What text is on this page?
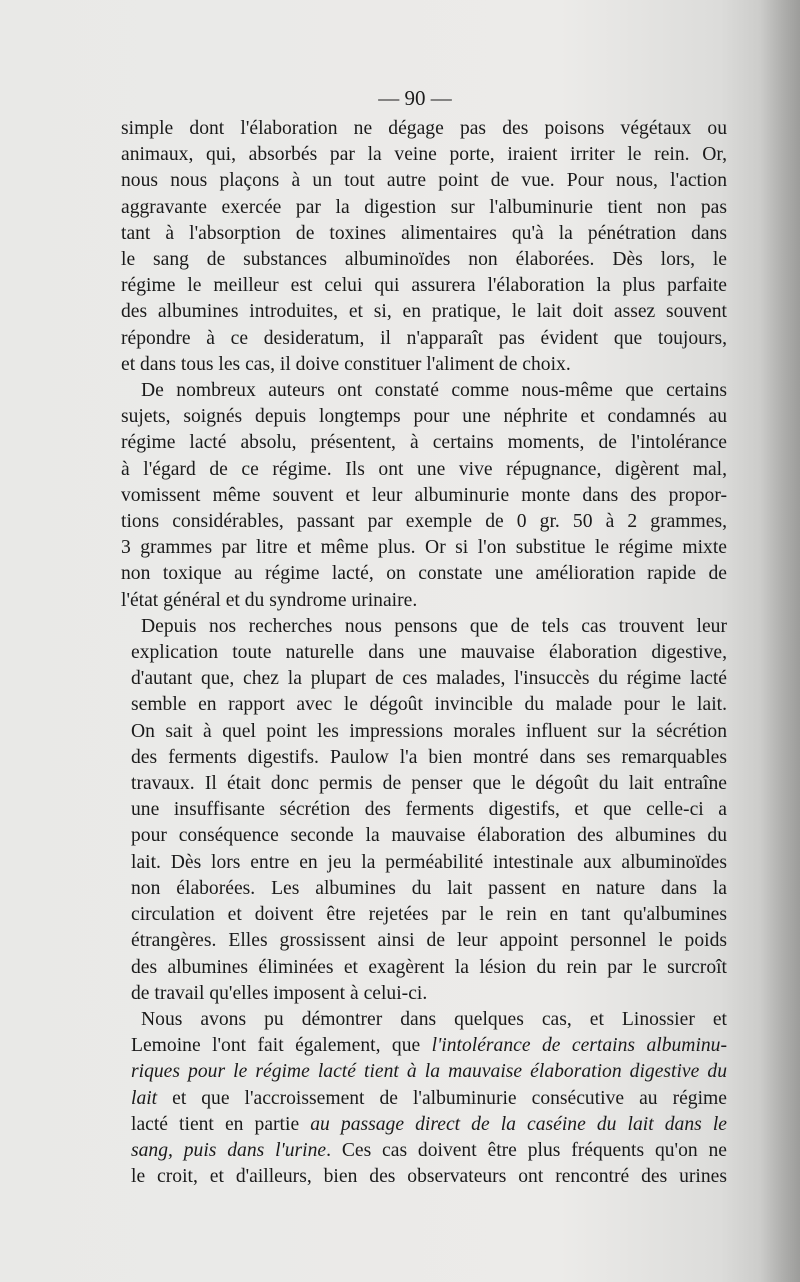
— 90 —
simple dont l'élaboration ne dégage pas des poisons végétaux ou
animaux, qui, absorbés par la veine porte, iraient irriter le rein. Or,
nous nous plaçons à un tout autre point de vue. Pour nous, l'action
aggravante exercée par la digestion sur l'albuminurie tient non pas
tant à l'absorption de toxines alimentaires qu'à la pénétration dans
le sang de substances albuminoïdes non élaborées. Dès lors, le
régime le meilleur est celui qui assurera l'élaboration la plus parfaite
des albumines introduites, et si, en pratique, le lait doit assez souvent
répondre à ce desideratum, il n'apparaît pas évident que toujours,
et dans tous les cas, il doive constituer l'aliment de choix.
De nombreux auteurs ont constaté comme nous-même que certains
sujets, soignés depuis longtemps pour une néphrite et condamnés au
régime lacté absolu, présentent, à certains moments, de l'intolérance
à l'égard de ce régime. Ils ont une vive répugnance, digèrent mal,
vomissent même souvent et leur albuminurie monte dans des propor-
tions considérables, passant par exemple de 0 gr. 50 à 2 grammes,
3 grammes par litre et même plus. Or si l'on substitue le régime mixte
non toxique au régime lacté, on constate une amélioration rapide de
l'état général et du syndrome urinaire.
Depuis nos recherches nous pensons que de tels cas trouvent leur
explication toute naturelle dans une mauvaise élaboration digestive,
d'autant que, chez la plupart de ces malades, l'insuccès du régime lacté
semble en rapport avec le dégoût invincible du malade pour le lait.
On sait à quel point les impressions morales influent sur la sécrétion
des ferments digestifs. Paulow l'a bien montré dans ses remarquables
travaux. Il était donc permis de penser que le dégoût du lait entraîne
une insuffisante sécrétion des ferments digestifs, et que celle-ci a
pour conséquence seconde la mauvaise élaboration des albumines du
lait. Dès lors entre en jeu la perméabilité intestinale aux albuminoïdes
non élaborées. Les albumines du lait passent en nature dans la
circulation et doivent être rejetées par le rein en tant qu'albumines
étrangères. Elles grossissent ainsi de leur appoint personnel le poids
des albumines éliminées et exagèrent la lésion du rein par le surcroît
de travail qu'elles imposent à celui-ci.
Nous avons pu démontrer dans quelques cas, et Linossier et
Lemoine l'ont fait également, que l'intolérance de certains albuminu-
riques pour le régime lacté tient à la mauvaise élaboration digestive du
lait et que l'accroissement de l'albuminurie consécutive au régime
lacté tient en partie au passage direct de la caséine du lait dans le
sang, puis dans l'urine. Ces cas doivent être plus fréquents qu'on ne
le croit, et d'ailleurs, bien des observateurs ont rencontré des urines
